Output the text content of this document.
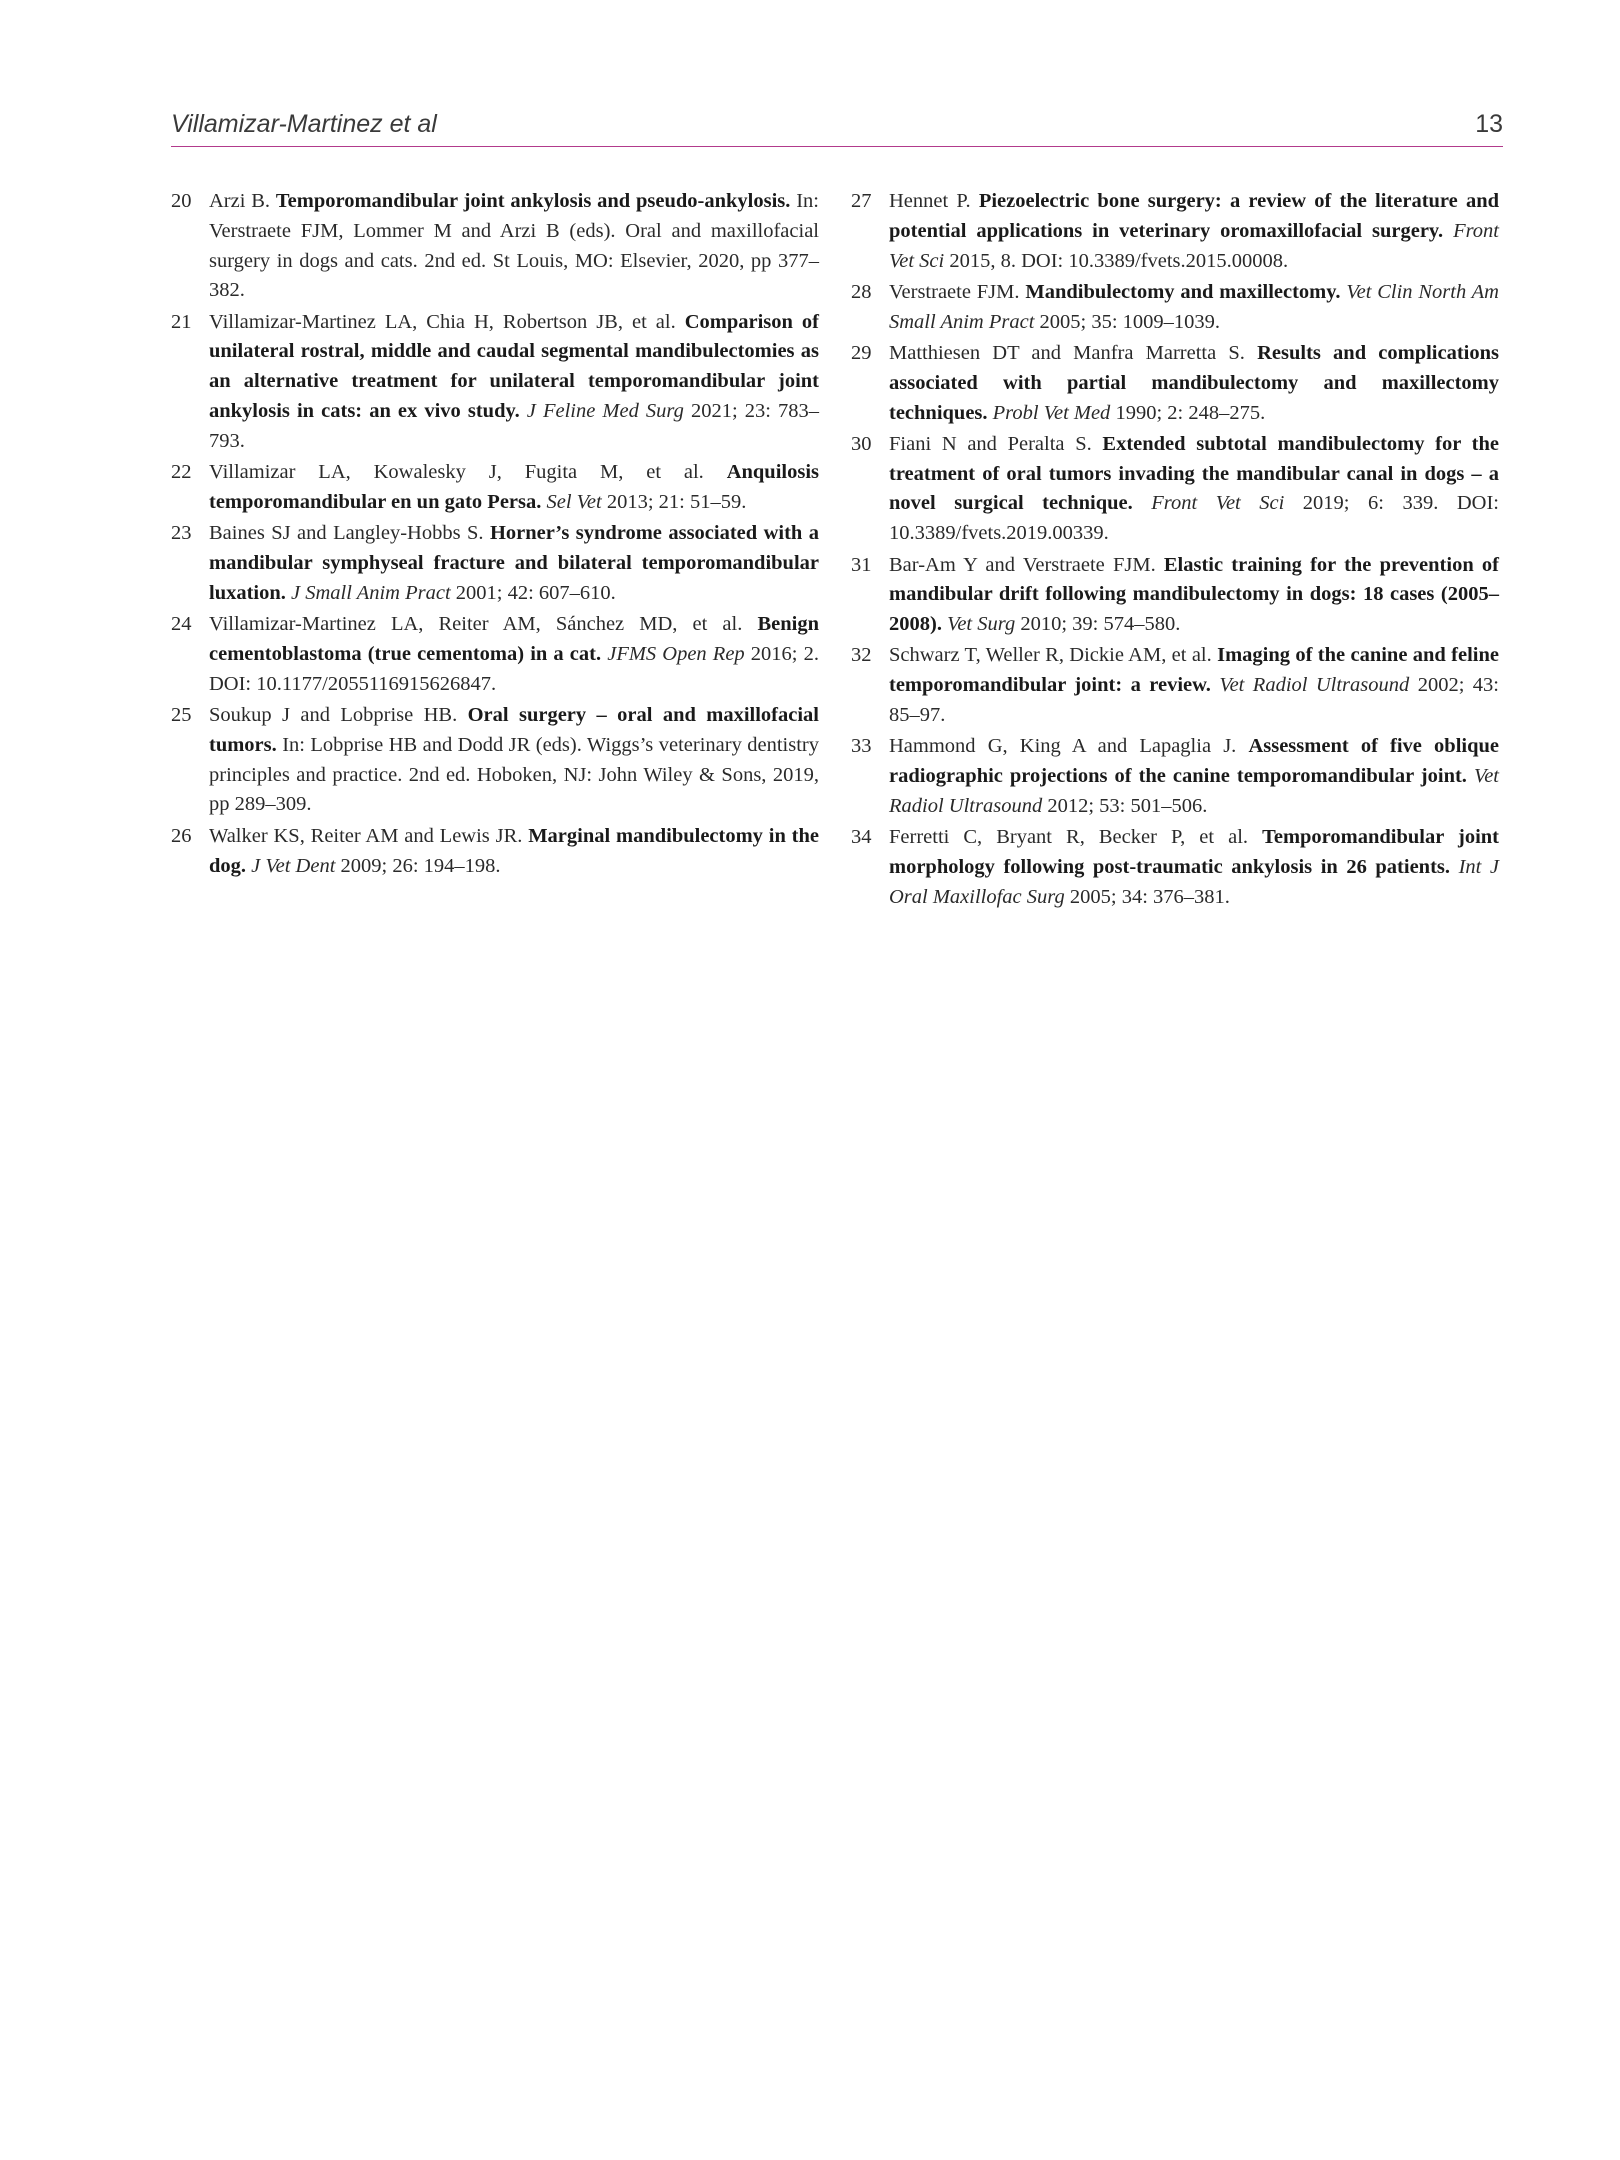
Villamizar-Martinez et al	13
20 Arzi B. Temporomandibular joint ankylosis and pseudo-ankylosis. In: Verstraete FJM, Lommer M and Arzi B (eds). Oral and maxillofacial surgery in dogs and cats. 2nd ed. St Louis, MO: Elsevier, 2020, pp 377–382.
21 Villamizar-Martinez LA, Chia H, Robertson JB, et al. Comparison of unilateral rostral, middle and caudal segmental mandibulectomies as an alternative treatment for unilateral temporomandibular joint ankylosis in cats: an ex vivo study. J Feline Med Surg 2021; 23: 783–793.
22 Villamizar LA, Kowalesky J, Fugita M, et al. Anquilosis temporomandibular en un gato Persa. Sel Vet 2013; 21: 51–59.
23 Baines SJ and Langley-Hobbs S. Horner’s syndrome associated with a mandibular symphyseal fracture and bilateral temporomandibular luxation. J Small Anim Pract 2001; 42: 607–610.
24 Villamizar-Martinez LA, Reiter AM, Sánchez MD, et al. Benign cementoblastoma (true cementoma) in a cat. JFMS Open Rep 2016; 2. DOI: 10.1177/2055116915626847.
25 Soukup J and Lobprise HB. Oral surgery – oral and maxillofacial tumors. In: Lobprise HB and Dodd JR (eds). Wiggs’s veterinary dentistry principles and practice. 2nd ed. Hoboken, NJ: John Wiley & Sons, 2019, pp 289–309.
26 Walker KS, Reiter AM and Lewis JR. Marginal mandibulectomy in the dog. J Vet Dent 2009; 26: 194–198.
27 Hennet P. Piezoelectric bone surgery: a review of the literature and potential applications in veterinary oromaxillofacial surgery. Front Vet Sci 2015, 8. DOI: 10.3389/fvets.2015.00008.
28 Verstraete FJM. Mandibulectomy and maxillectomy. Vet Clin North Am Small Anim Pract 2005; 35: 1009–1039.
29 Matthiesen DT and Manfra Marretta S. Results and complications associated with partial mandibulectomy and maxillectomy techniques. Probl Vet Med 1990; 2: 248–275.
30 Fiani N and Peralta S. Extended subtotal mandibulectomy for the treatment of oral tumors invading the mandibular canal in dogs – a novel surgical technique. Front Vet Sci 2019; 6: 339. DOI: 10.3389/fvets.2019.00339.
31 Bar-Am Y and Verstraete FJM. Elastic training for the prevention of mandibular drift following mandibulectomy in dogs: 18 cases (2005–2008). Vet Surg 2010; 39: 574–580.
32 Schwarz T, Weller R, Dickie AM, et al. Imaging of the canine and feline temporomandibular joint: a review. Vet Radiol Ultrasound 2002; 43: 85–97.
33 Hammond G, King A and Lapaglia J. Assessment of five oblique radiographic projections of the canine temporomandibular joint. Vet Radiol Ultrasound 2012; 53: 501–506.
34 Ferretti C, Bryant R, Becker P, et al. Temporomandibular joint morphology following post-traumatic ankylosis in 26 patients. Int J Oral Maxillofac Surg 2005; 34: 376–381.
